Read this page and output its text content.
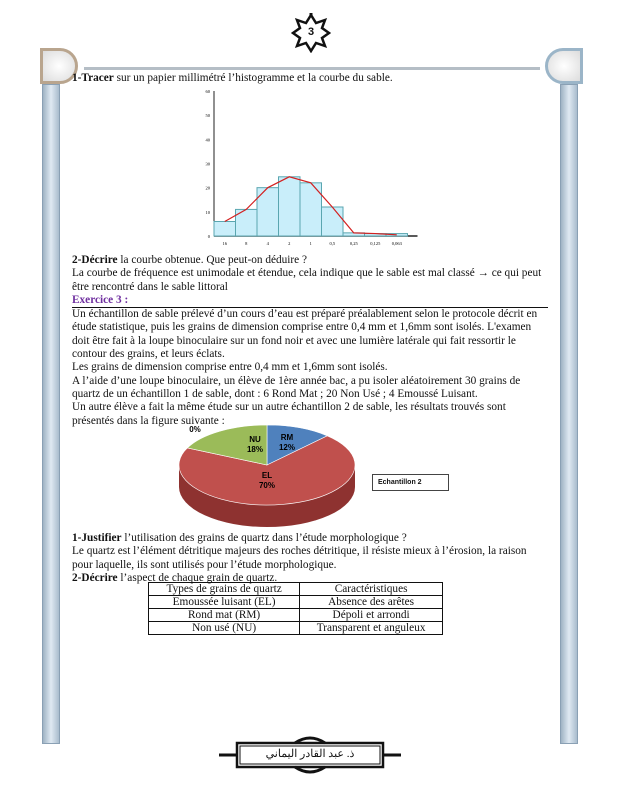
3
1-Tracer sur un papier millimétré l’histogramme et la courbe du sable.
0
10
20
30
40
50
60
16	8	4	2	1	0,5	0,25	0,125	0,063
2-Décrire la courbe obtenue. Que peut-on déduire ?
La courbe de fréquence est unimodale et étendue, cela indique que le sable est mal classé → ce qui peut être rencontré dans le sable littoral
Exercice 3 :
Un échantillon de sable prélevé d’un cours d’eau est préparé préalablement selon le protocole décrit en étude statistique, puis les grains de dimension comprise entre 0,4 mm et 1,6mm sont isolés. L'examen doit être fait à la loupe binoculaire sur un fond noir et avec une lumière latérale qui fait ressortir le contour des grains, et leurs éclats.
Les grains de dimension comprise entre 0,4 mm et 1,6mm sont isolés.
A l’aide d’une loupe binoculaire, un élève de 1ère année bac, a pu isoler aléatoirement 30 grains de quartz de un échantillon 1 de sable, dont : 6 Rond Mat ; 20 Non Usé ; 4 Emoussé Luisant.
Un autre élève a fait la même étude sur un autre échantillon 2 de sable, les résultats trouvés sont présentés dans la figure suivante :
RM
12%
EL
70%
NU
18%
0%
Echantillon 2
1-Justifier l’utilisation des grains de quartz dans l’étude morphologique ?
Le quartz est l’élément détritique majeurs des roches détritique, il résiste mieux à l’érosion, la raison pour laquelle, ils sont utilisés pour l’étude morphologique.
2-Décrire l’aspect de chaque grain de quartz.
Types de grains de quartz	Caractéristiques
Emoussée luisant (EL)	Absence des arêtes
Rond mat (RM)	Dépoli et arrondi
Non usé (NU)	Transparent et anguleux
ذ. عبد القادر اليماني
